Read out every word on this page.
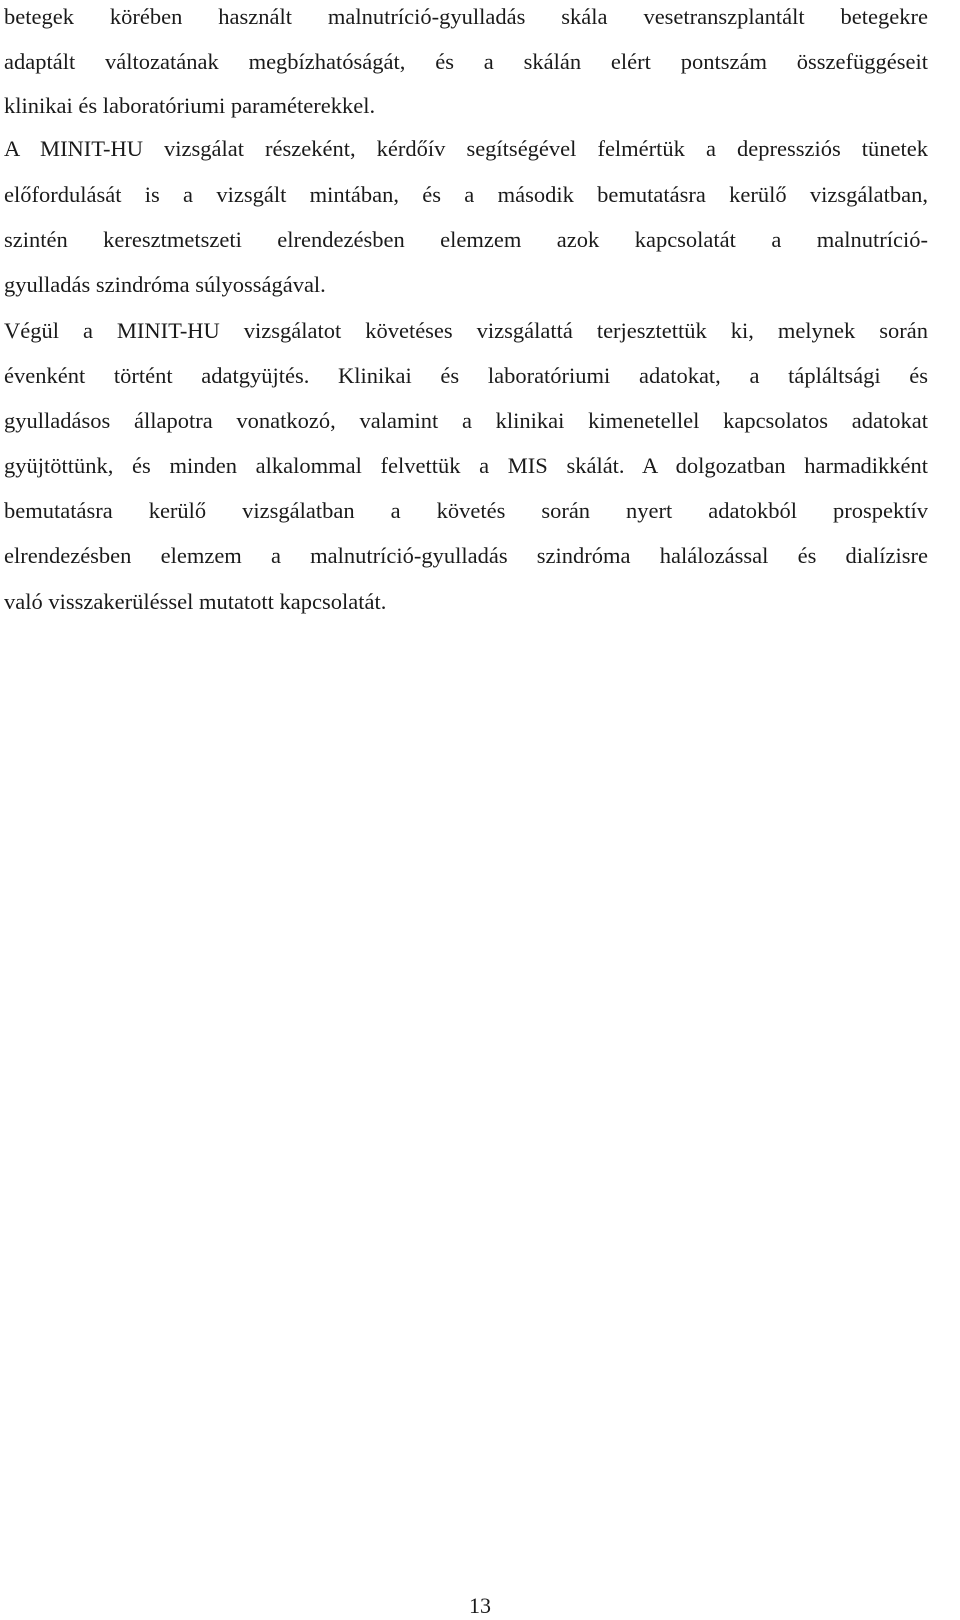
betegek körében használt malnutríció-gyulladás skála vesetranszplantált betegekre
adaptált változatának megbízhatóságát, és a skálán elért pontszám összefüggéseit
klinikai és laboratóriumi paraméterekkel.
A MINIT-HU vizsgálat részeként, kérdőív segítségével felmértük a depressziós tünetek
előfordulását is a vizsgált mintában, és a második bemutatásra kerülő vizsgálatban,
szintén keresztmetszeti elrendezésben elemzem azok kapcsolatát a malnutríció-
gyulladás szindróma súlyosságával.
Végül a MINIT-HU vizsgálatot követéses vizsgálattá terjesztettük ki, melynek során
évenként történt adatgyüjtés. Klinikai és laboratóriumi adatokat, a tápláltsági és
gyulladásos állapotra vonatkozó, valamint a klinikai kimenetellel kapcsolatos adatokat
gyüjtöttünk, és minden alkalommal felvettük a MIS skálát. A dolgozatban harmadikként
bemutatásra kerülő vizsgálatban a követés során nyert adatokból prospektív
elrendezésben elemzem a malnutríció-gyulladás szindróma halálozással és dialízisre
való visszakerüléssel mutatott kapcsolatát.
13
